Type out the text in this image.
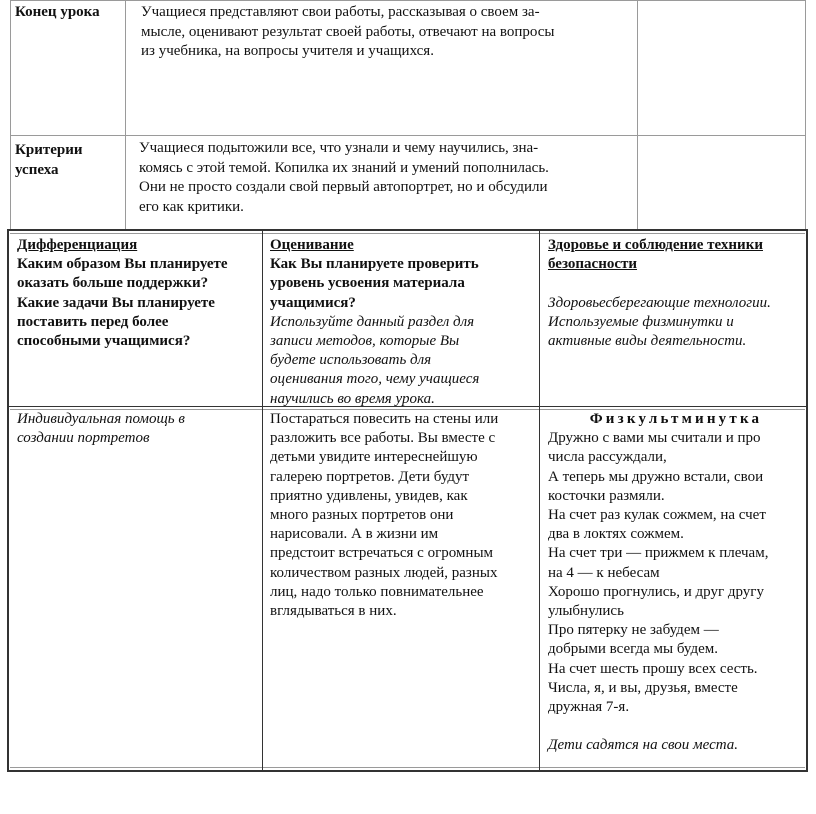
Конец урока	Учащиеся представляют свои работы, рассказывая о своем за-
мысле, оценивают результат своей работы, отвечают на вопросы
из учебника, на вопросы учителя и учащихся.
Критерии
успеха
Учащиеся подытожили все, что узнали и чему научились, зна-
комясь с этой темой. Копилка их знаний и умений пополнилась.
Они не просто создали свой первый автопортрет, но и обсудили
его как критики.
Дифференциация
Каким образом Вы планируете
оказать больше поддержки?
Какие задачи Вы планируете
поставить перед более
способными учащимися?
Оценивание
Как Вы планируете проверить
уровень усвоения материала
учащимися?
Используйте данный раздел для
записи методов, которые Вы
будете использовать для
оценивания того, чему учащиеся
научились во время урока.
Здоровье и соблюдение техники
безопасности

Здоровьесберегающие технологии.
Используемые физминутки и
активные виды деятельности.
Индивидуальная помощь в
создании портретов
Постараться повесить на стены или
разложить все работы. Вы вместе с
детьми увидите интереснейшую
галерею портретов. Дети будут
приятно удивлены, увидев, как
много разных портретов они
нарисовали. А в жизни им
предстоит встречаться с огромным
количеством разных людей, разных
лиц, надо только повнимательнее
вглядываться в них.
Физкультминутка
Дружно с вами мы считали и про
числа рассуждали,
А теперь мы дружно встали, свои
косточки размяли.
На счет раз кулак сожмем, на счет
два в локтях сожмем.
На счет три — прижмем к плечам,
на 4 — к небесам
Хорошо прогнулись, и друг другу
улыбнулись
Про пятерку не забудем —
добрыми всегда мы будем.
На счет шесть прошу всех сесть.
Числа, я, и вы, друзья, вместе
дружная 7-я.

Дети садятся на свои места.
